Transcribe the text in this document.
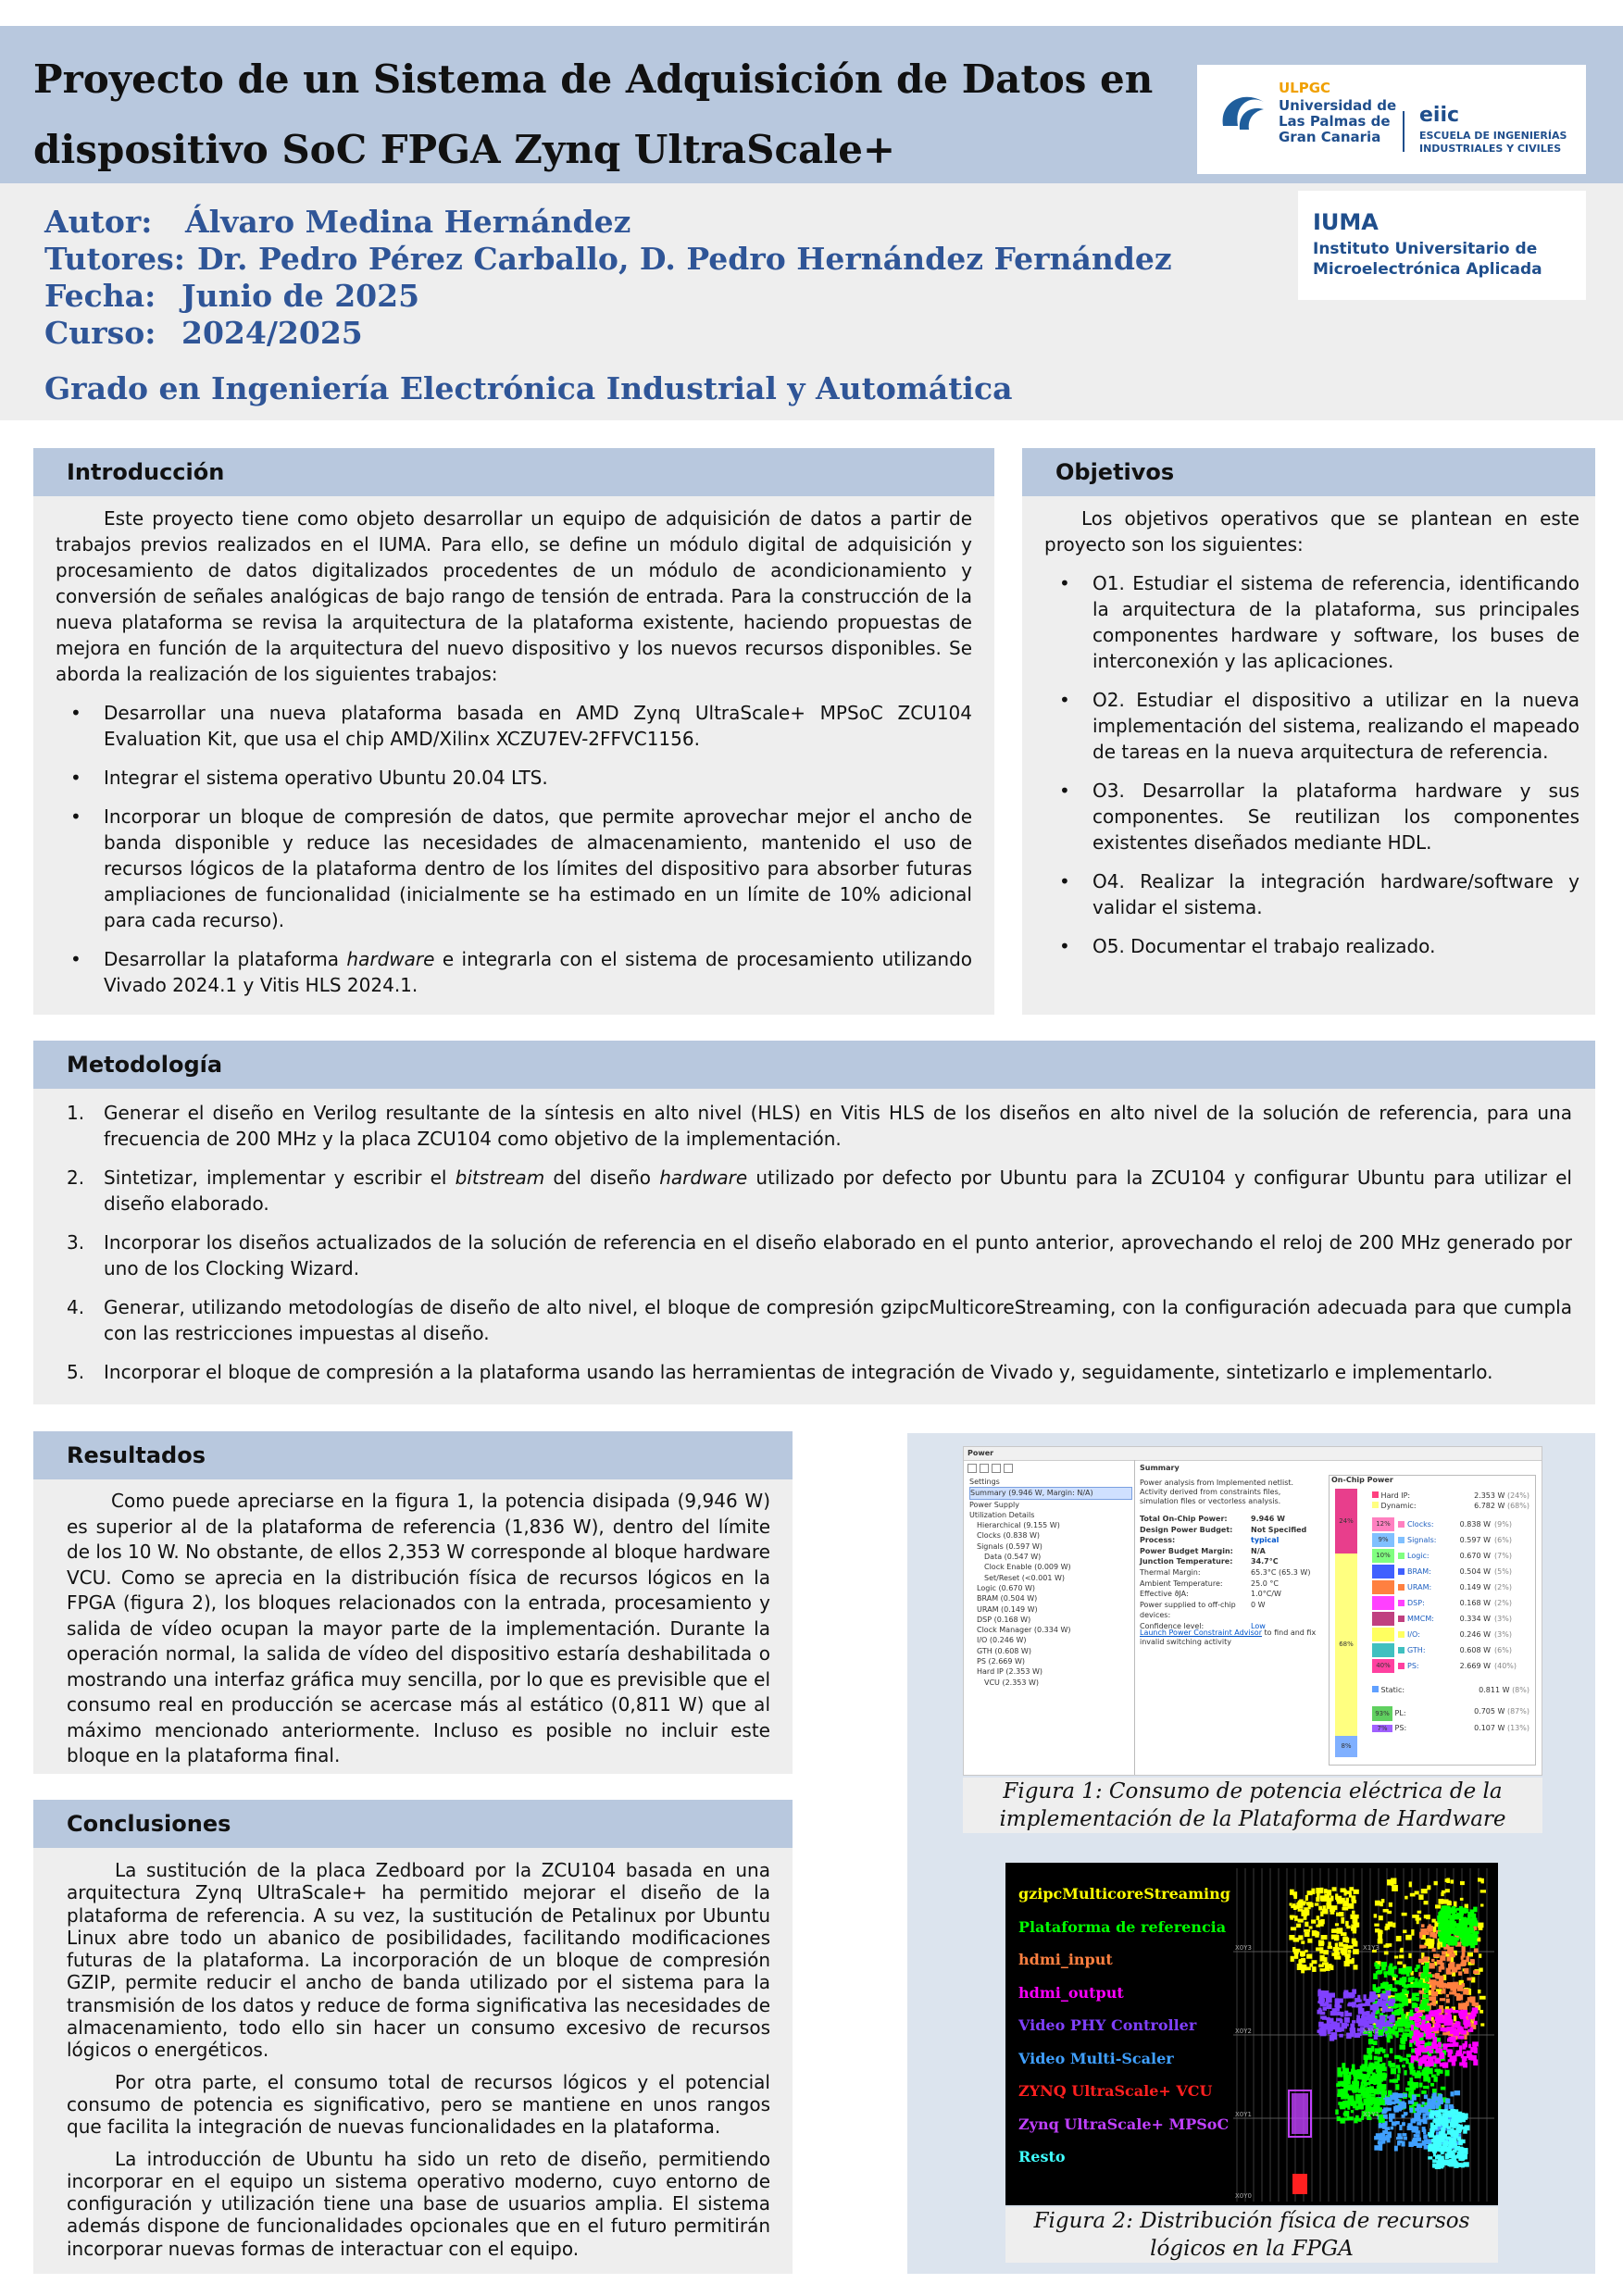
Proyecto de un Sistema de Adquisición de Datos en
dispositivo SoC FPGA Zynq UltraScale+
ULPGC
Universidad de
Las Palmas de
Gran Canaria
eiic
ESCUELA DE INGENIERÍAS
INDUSTRIALES Y CIVILES
Autor: Álvaro Medina Hernández
Tutores: Dr. Pedro Pérez Carballo, D. Pedro Hernández Fernández
Fecha: Junio de 2025
Curso: 2024/2025
Grado en Ingeniería Electrónica Industrial y Automática
IUMA
Instituto Universitario de
Microelectrónica Aplicada
Introducción

Este proyecto tiene como objeto desarrollar un equipo de adquisición de datos a partir de trabajos previos realizados en el IUMA. Para ello, se define un módulo digital de adquisición y procesamiento de datos digitalizados procedentes de un módulo de acondicionamiento y conversión de señales analógicas de bajo rango de tensión de entrada. Para la construcción de la nueva plataforma se revisa la arquitectura de la plataforma existente, haciendo propuestas de mejora en función de la arquitectura del nuevo dispositivo y los nuevos recursos disponibles. Se aborda la realización de los siguientes trabajos:

• Desarrollar una nueva plataforma basada en AMD Zynq UltraScale+ MPSoC ZCU104 Evaluation Kit, que usa el chip AMD/Xilinx XCZU7EV-2FFVC1156.
• Integrar el sistema operativo Ubuntu 20.04 LTS.
• Incorporar un bloque de compresión de datos, que permite aprovechar mejor el ancho de banda disponible y reduce las necesidades de almacenamiento, mantenido el uso de recursos lógicos de la plataforma dentro de los límites del dispositivo para absorber futuras ampliaciones de funcionalidad (inicialmente se ha estimado en un límite de 10% adicional para cada recurso).
• Desarrollar la plataforma hardware e integrarla con el sistema de procesamiento utilizando Vivado 2024.1 y Vitis HLS 2024.1.
Objetivos

Los objetivos operativos que se plantean en este proyecto son los siguientes:

• O1. Estudiar el sistema de referencia, identificando la arquitectura de la plataforma, sus principales componentes hardware y software, los buses de interconexión y las aplicaciones.
• O2. Estudiar el dispositivo a utilizar en la nueva implementación del sistema, realizando el mapeado de tareas en la nueva arquitectura de referencia.
• O3. Desarrollar la plataforma hardware y sus componentes. Se reutilizan los componentes existentes diseñados mediante HDL.
• O4. Realizar la integración hardware/software y validar el sistema.
• O5. Documentar el trabajo realizado.
Metodología
1. Generar el diseño en Verilog resultante de la síntesis en alto nivel (HLS) en Vitis HLS de los diseños en alto nivel de la solución de referencia, para una frecuencia de 200 MHz y la placa ZCU104 como objetivo de la implementación.
2. Sintetizar, implementar y escribir el bitstream del diseño hardware utilizado por defecto por Ubuntu para la ZCU104 y configurar Ubuntu para utilizar el diseño elaborado.
3. Incorporar los diseños actualizados de la solución de referencia en el diseño elaborado en el punto anterior, aprovechando el reloj de 200 MHz generado por uno de los Clocking Wizard.
4. Generar, utilizando metodologías de diseño de alto nivel, el bloque de compresión gzipcMulticoreStreaming, con la configuración adecuada para que cumpla con las restricciones impuestas al diseño.
5. Incorporar el bloque de compresión a la plataforma usando las herramientas de integración de Vivado y, seguidamente, sintetizarlo e implementarlo.
Resultados

Como puede apreciarse en la figura 1, la potencia disipada (9,946 W) es superior al de la plataforma de referencia (1,836 W), dentro del límite de los 10 W. No obstante, de ellos 2,353 W corresponde al bloque hardware VCU. Como se aprecia en la distribución física de recursos lógicos en la FPGA (figura 2), los bloques relacionados con la entrada, procesamiento y salida de vídeo ocupan la mayor parte de la implementación. Durante la operación normal, la salida de vídeo del dispositivo estaría deshabilitada o mostrando una interfaz gráfica muy sencilla, por lo que es previsible que el consumo real en producción se acercase más al estático (0,811 W) que al máximo mencionado anteriormente. Incluso es posible no incluir este bloque en la plataforma final.

Conclusiones

La sustitución de la placa Zedboard por la ZCU104 basada en una arquitectura Zynq UltraScale+ ha permitido mejorar el diseño de la plataforma de referencia. A su vez, la sustitución de Petalinux por Ubuntu Linux abre todo un abanico de posibilidades, facilitando modificaciones futuras de la plataforma. La incorporación de un bloque de compresión GZIP, permite reducir el ancho de banda utilizado por el sistema para la transmisión de los datos y reduce de forma significativa las necesidades de almacenamiento, todo ello sin hacer un consumo excesivo de recursos lógicos o energéticos.

Por otra parte, el consumo total de recursos lógicos y el potencial consumo de potencia es significativo, pero se mantiene en unos rangos que facilita la integración de nuevas funcionalidades en la plataforma.

La introducción de Ubuntu ha sido un reto de diseño, permitiendo incorporar en el equipo un sistema operativo moderno, cuyo entorno de configuración y utilización tiene una base de usuarios amplia. El sistema además dispone de funcionalidades opcionales que en el futuro permitirán incorporar nuevas formas de interactuar con el equipo.

Power
Settings
Summary (9.946 W, Margin: N/A)
Power Supply
Utilization Details
Hierarchical (9.155 W)
Clocks (0.838 W)
Signals (0.597 W)
Data (0.547 W)
Clock Enable (0.009 W)
Set/Reset (<0.001 W)
Logic (0.670 W)
BRAM (0.504 W)
URAM (0.149 W)
DSP (0.168 W)
Clock Manager (0.334 W)
I/O (0.246 W)
GTH (0.608 W)
PS (2.669 W)
Hard IP (2.353 W)
VCU (2.353 W)
Summary
Power analysis from Implemented netlist. Activity derived from constraints files, simulation files or vectorless analysis.
Total On-Chip Power:	9.946 W
Design Power Budget:	Not Specified
Process:	typical
Power Budget Margin:	N/A
Junction Temperature:	34.7°C
Thermal Margin:	65.3°C (65.3 W)
Ambient Temperature:	25.0 °C
Effective ϑJA:	1.0°C/W
Power supplied to off-chip devices:
0 W
Confidence level:	Low
Launch Power Constraint Advisor to find and fix invalid switching activity
On-Chip Power
24%
68%
8%
Hard IP:	2.353 W (24%)
Dynamic:	6.782 W (68%)
12%	Clocks:	0.838 W (9%)
9%	Signals:	0.597 W (6%)
10%	Logic:	0.670 W (7%)
BRAM:	0.504 W (5%)
URAM:	0.149 W (2%)
DSP:	0.168 W (2%)
MMCM:	0.334 W (3%)
I/O:	0.246 W (3%)
GTH:	0.608 W (6%)
40%	PS:	2.669 W (40%)
Static:	0.811 W (8%)
93% PL:	0.705 W (87%)
7% PS:	0.107 W (13%)
Figura 1: Consumo de potencia eléctrica de la
implementación de la Plataforma de Hardware
gzipcMulticoreStreaming
Plataforma de referencia
hdmi_input
hdmi_output
Video PHY Controller
Video Multi-Scaler
ZYNQ UltraScale+ VCU
Zynq UltraScale+ MPSoC
Resto
X0Y3	X1Y3
X0Y2	X1Y2
X0Y1	X1Y1
X0Y0
Figura 2: Distribución física de recursos
lógicos en la FPGA
